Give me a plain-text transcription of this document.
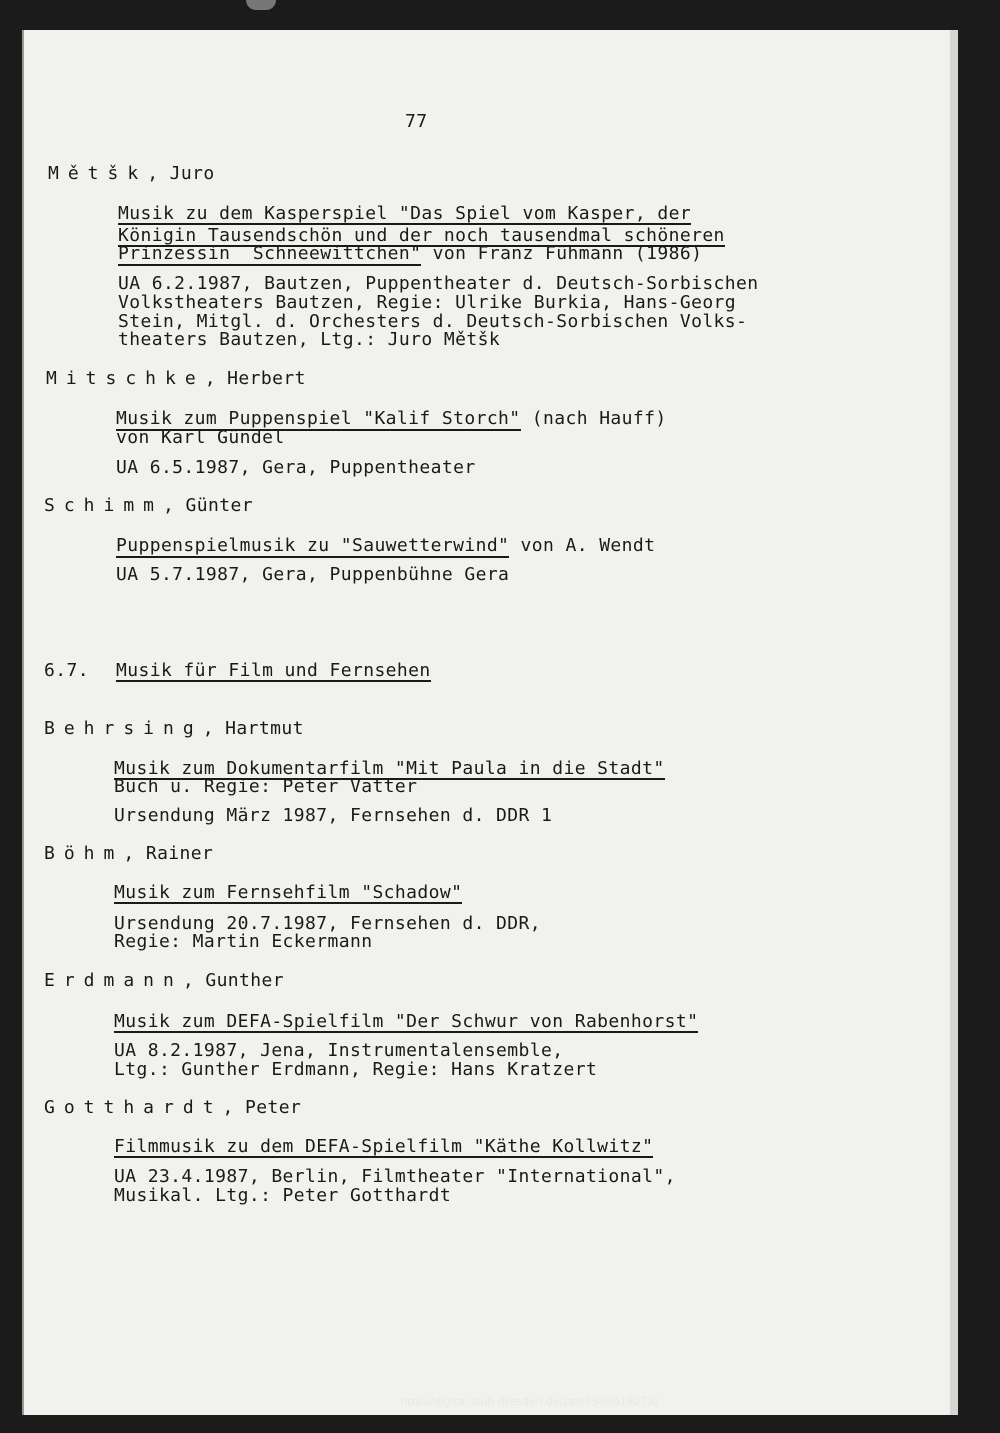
77
Mětšk, Juro
Musik zu dem Kasperspiel "Das Spiel vom Kasper, der
Königin Tausendschön und der noch tausendmal schöneren
Prinzessin  Schneewittchen" von Franz Fühmann (1986)
UA 6.2.1987, Bautzen, Puppentheater d. Deutsch-Sorbischen
Volkstheaters Bautzen, Regie: Ulrike Burkia, Hans-Georg
Stein, Mitgl. d. Orchesters d. Deutsch-Sorbischen Volks-
theaters Bautzen, Ltg.: Juro Mětšk
Mitschke, Herbert
Musik zum Puppenspiel "Kalif Storch" (nach Hauff)
von Karl Gündel
UA 6.5.1987, Gera, Puppentheater
Schimm, Günter
Puppenspielmusik zu "Sauwetterwind" von A. Wendt
UA 5.7.1987, Gera, Puppenbühne Gera
6.7. Musik für Film und Fernsehen
Behrsing, Hartmut
Musik zum Dokumentarfilm "Mit Paula in die Stadt"
Buch u. Regie: Peter Vatter
Ursendung März 1987, Fernsehen d. DDR 1
Böhm, Rainer
Musik zum Fernsehfilm "Schadow"
Ursendung 20.7.1987, Fernsehen d. DDR,
Regie: Martin Eckermann
Erdmann, Gunther
Musik zum DEFA-Spielfilm "Der Schwur von Rabenhorst"
UA 8.2.1987, Jena, Instrumentalensemble,
Ltg.: Gunther Erdmann, Regie: Hans Kratzert
Gotthardt, Peter
Filmmusik zu dem DEFA-Spielfilm "Käthe Kollwitz"
UA 23.4.1987, Berlin, Filmtheater "International",
Musikal. Ltg.: Peter Gotthardt
http://digital.slub-dresden.de/ppn358801627X/
